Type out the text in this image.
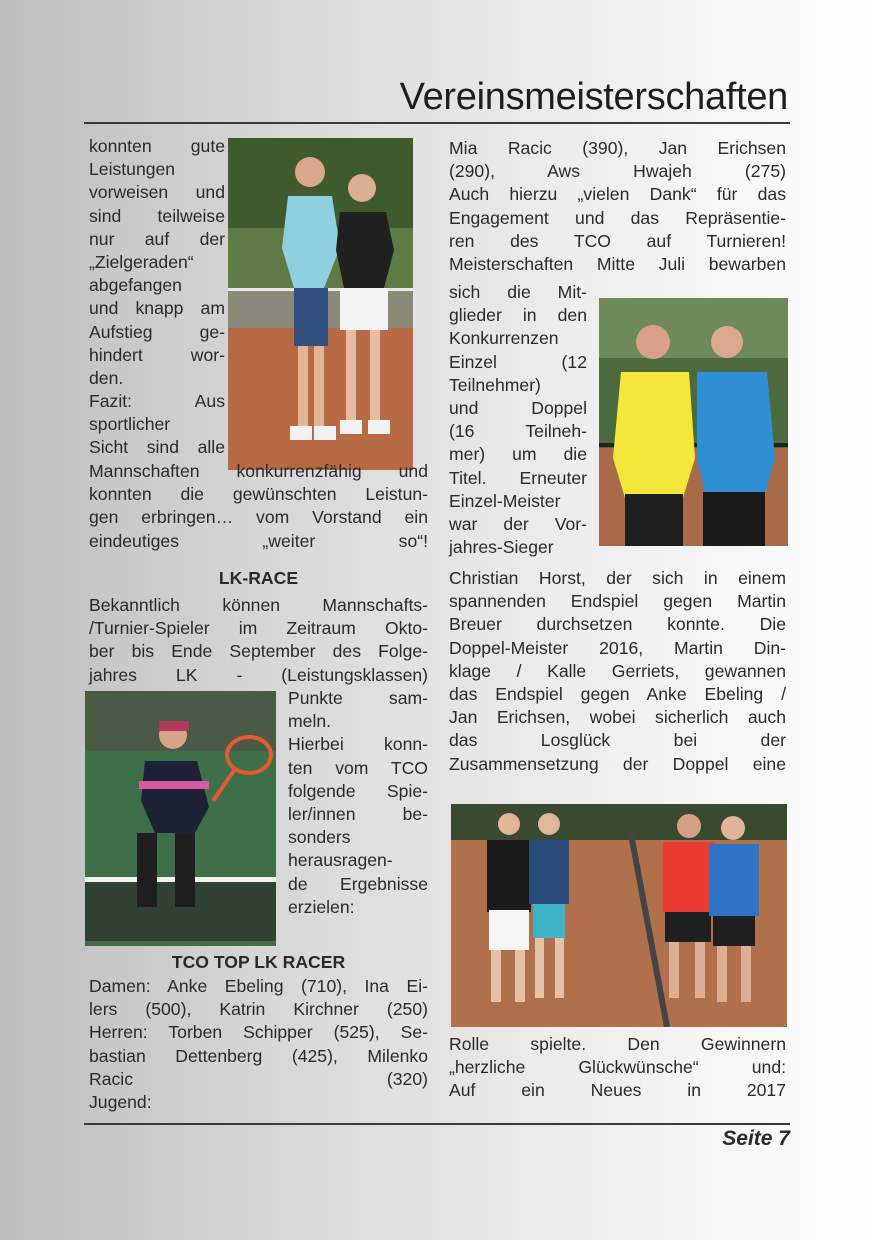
Vereinsmeisterschaften
konnten gute
Leistungen
vorweisen und
sind teilweise
nur auf der
„Zielgeraden“
abgefangen
und knapp am
Aufstieg ge-
hindert wor-
den.
Fazit: Aus
sportlicher
Sicht sind alle
Mannschaften konkurrenzfähig und
konnten die gewünschten Leistun-
gen erbringen… vom Vorstand ein
eindeutiges „weiter so“!
LK-RACE
Bekanntlich können Mannschafts-
/Turnier-Spieler im Zeitraum Okto-
ber bis Ende September des Folge-
jahres LK - (Leistungsklassen)
Punkte sam-
meln.
Hierbei konn-
ten vom TCO
folgende Spie-
ler/innen be-
sonders
herausragen-
de Ergebnisse
erzielen:
TCO TOP LK RACER
Damen: Anke Ebeling (710), Ina Ei-
lers (500), Katrin Kirchner (250)
Herren: Torben Schipper (525), Se-
bastian Dettenberg (425), Milenko
Racic (320)
Jugend:
Mia Racic (390), Jan Erichsen
(290), Aws Hwajeh (275)
Auch hierzu „vielen Dank“ für das
Engagement und das Repräsentie-
ren des TCO auf Turnieren!
Meisterschaften Mitte Juli bewarben
sich die Mit-
glieder in den
Konkurrenzen
Einzel (12
Teilnehmer)
und Doppel
(16 Teilneh-
mer) um die
Titel. Erneuter
Einzel-Meister
war der Vor-
jahres-Sieger
Christian Horst, der sich in einem
spannenden Endspiel gegen Martin
Breuer durchsetzen konnte. Die
Doppel-Meister 2016, Martin Din-
klage / Kalle Gerriets, gewannen
das Endspiel gegen Anke Ebeling /
Jan Erichsen, wobei sicherlich auch
das Losglück bei der
Zusammensetzung der Doppel eine
Rolle spielte. Den Gewinnern
„herzliche Glückwünsche“ und:
Auf ein Neues in 2017
Seite 7
